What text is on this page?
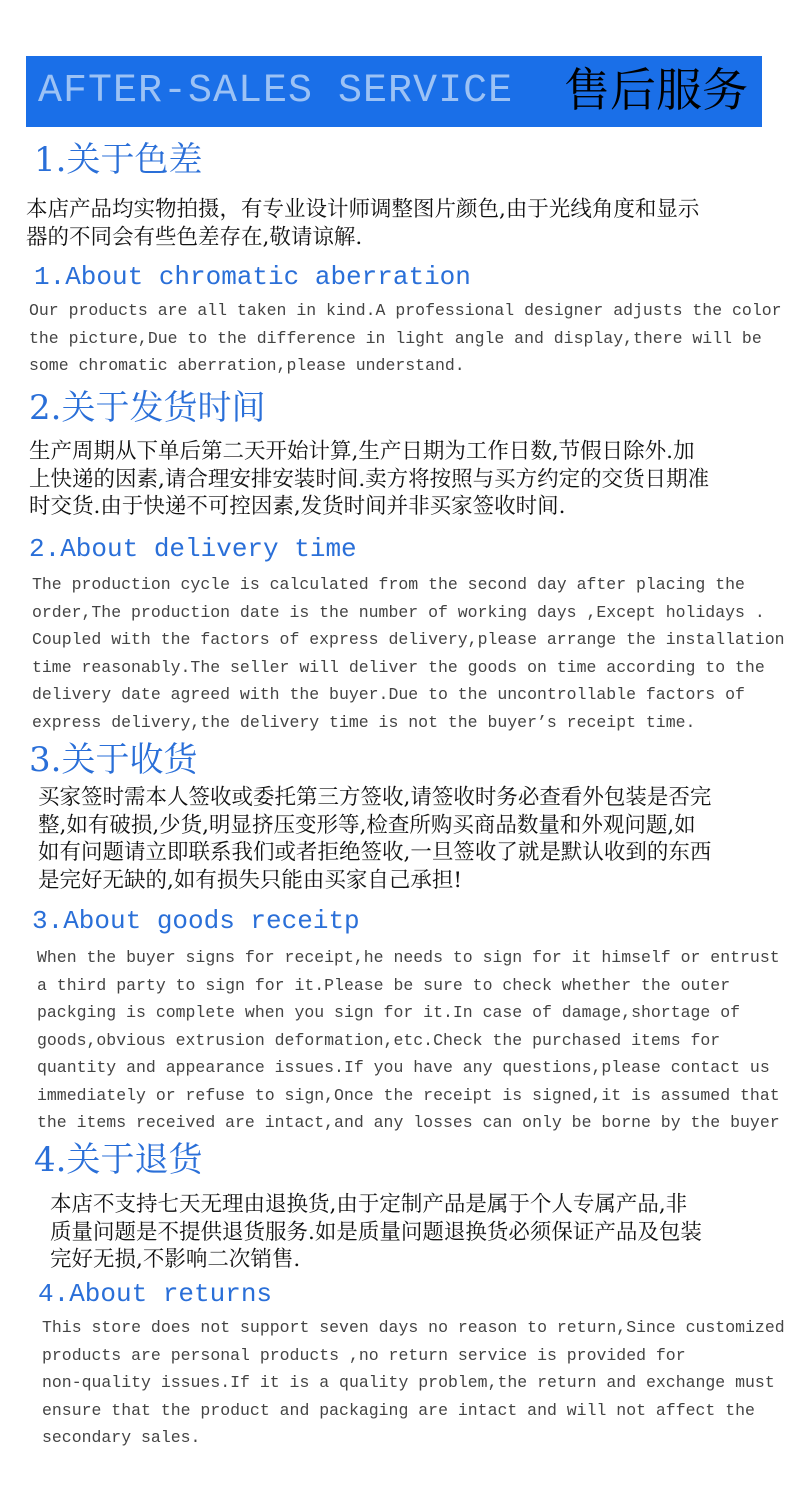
AFTER-SALES SERVICE 售后服务
1.关于色差
本店产品均实物拍摄，有专业设计师调整图片颜色,由于光线角度和显示
器的不同会有些色差存在,敬请谅解.
1.About chromatic aberration
Our products are all taken in kind.A professional designer adjusts the color
the picture,Due to the difference in light angle and display,there will be
some chromatic aberration,please understand.
2.关于发货时间
生产周期从下单后第二天开始计算,生产日期为工作日数,节假日除外.加
上快递的因素,请合理安排安装时间.卖方将按照与买方约定的交货日期准
时交货.由于快递不可控因素,发货时间并非买家签收时间.
2.About delivery time
The production cycle is calculated from the second day after placing the
order,The production date is the number of working days ,Except holidays .
Coupled with the factors of express delivery,please arrange the installation
time reasonably.The seller will deliver the goods on time according to the
delivery date agreed with the buyer.Due to the uncontrollable factors of
express delivery,the delivery time is not the buyer’s receipt time.
3.关于收货
买家签时需本人签收或委托第三方签收,请签收时务必查看外包装是否完
整,如有破损,少货,明显挤压变形等,检查所购买商品数量和外观问题,如
如有问题请立即联系我们或者拒绝签收,一旦签收了就是默认收到的东西
是完好无缺的,如有损失只能由买家自己承担!
3.About goods receitp
When the buyer signs for receipt,he needs to sign for it himself or entrust
a third party to sign for it.Please be sure to check whether the outer
packging is complete when you sign for it.In case of damage,shortage of
goods,obvious extrusion deformation,etc.Check the purchased items for
quantity and appearance issues.If you have any questions,please contact us
immediately or refuse to sign,Once the receipt is signed,it is assumed that
the items received are intact,and any losses can only be borne by the buyer
4.关于退货
本店不支持七天无理由退换货,由于定制产品是属于个人专属产品,非
质量问题是不提供退货服务.如是质量问题退换货必须保证产品及包装
完好无损,不影响二次销售.
4.About returns
This store does not support seven days no reason to return,Since customized
products are personal products ,no return service is provided for
non-quality issues.If it is a quality problem,the return and exchange must
ensure that the product and packaging are intact and will not affect the
secondary sales.
